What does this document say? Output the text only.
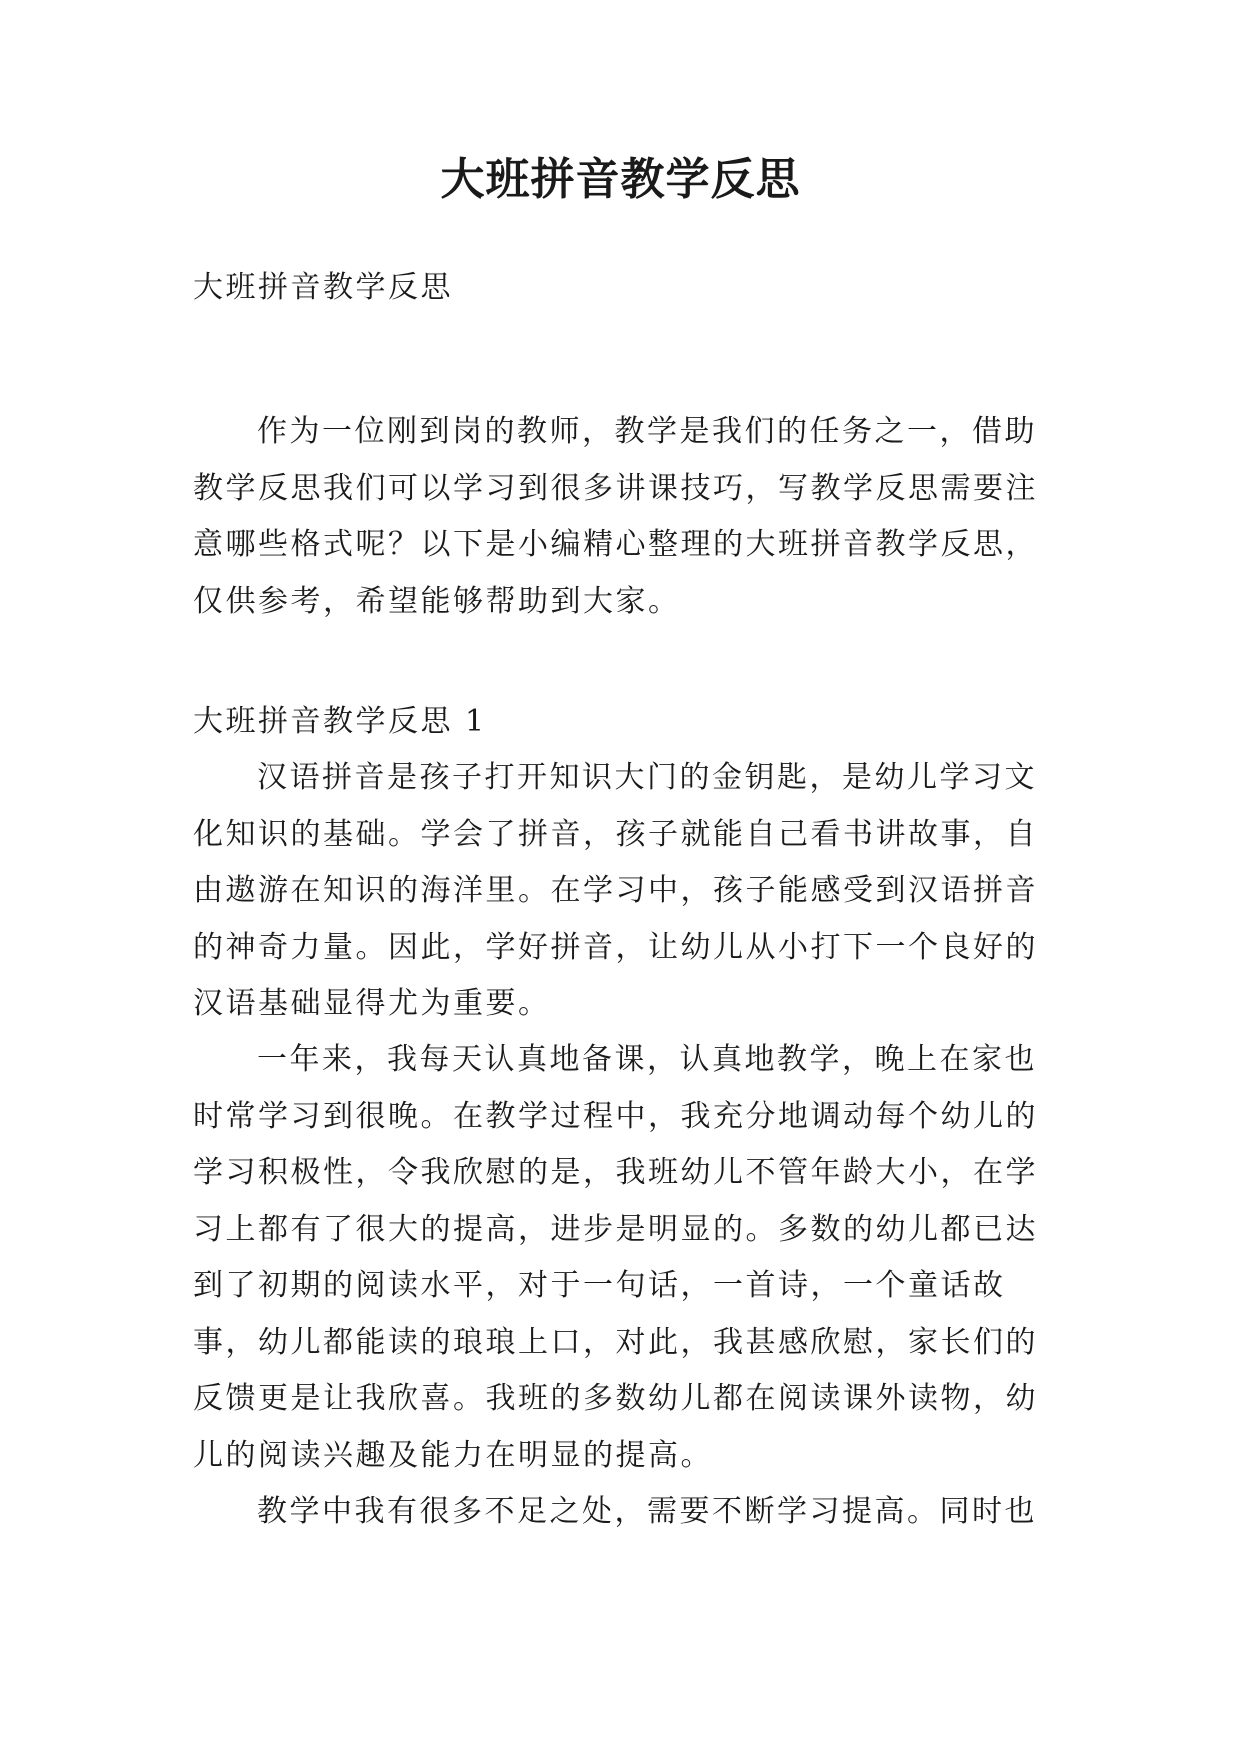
大班拼音教学反思

大班拼音教学反思

作为一位刚到岗的教师，教学是我们的任务之一，借助教学反思我们可以学习到很多讲课技巧，写教学反思需要注意哪些格式呢？以下是小编精心整理的大班拼音教学反思，仅供参考，希望能够帮助到大家。

大班拼音教学反思 1

汉语拼音是孩子打开知识大门的金钥匙，是幼儿学习文化知识的基础。学会了拼音，孩子就能自己看书讲故事，自由遨游在知识的海洋里。在学习中，孩子能感受到汉语拼音的神奇力量。因此，学好拼音，让幼儿从小打下一个良好的汉语基础显得尤为重要。

一年来，我每天认真地备课，认真地教学，晚上在家也时常学习到很晚。在教学过程中，我充分地调动每个幼儿的学习积极性，令我欣慰的是，我班幼儿不管年龄大小，在学习上都有了很大的提高，进步是明显的。多数的幼儿都已达到了初期的阅读水平，对于一句话，一首诗，一个童话故事，幼儿都能读的琅琅上口，对此，我甚感欣慰，家长们的反馈更是让我欣喜。我班的多数幼儿都在阅读课外读物，幼儿的阅读兴趣及能力在明显的提高。

教学中我有很多不足之处，需要不断学习提高。同时也
